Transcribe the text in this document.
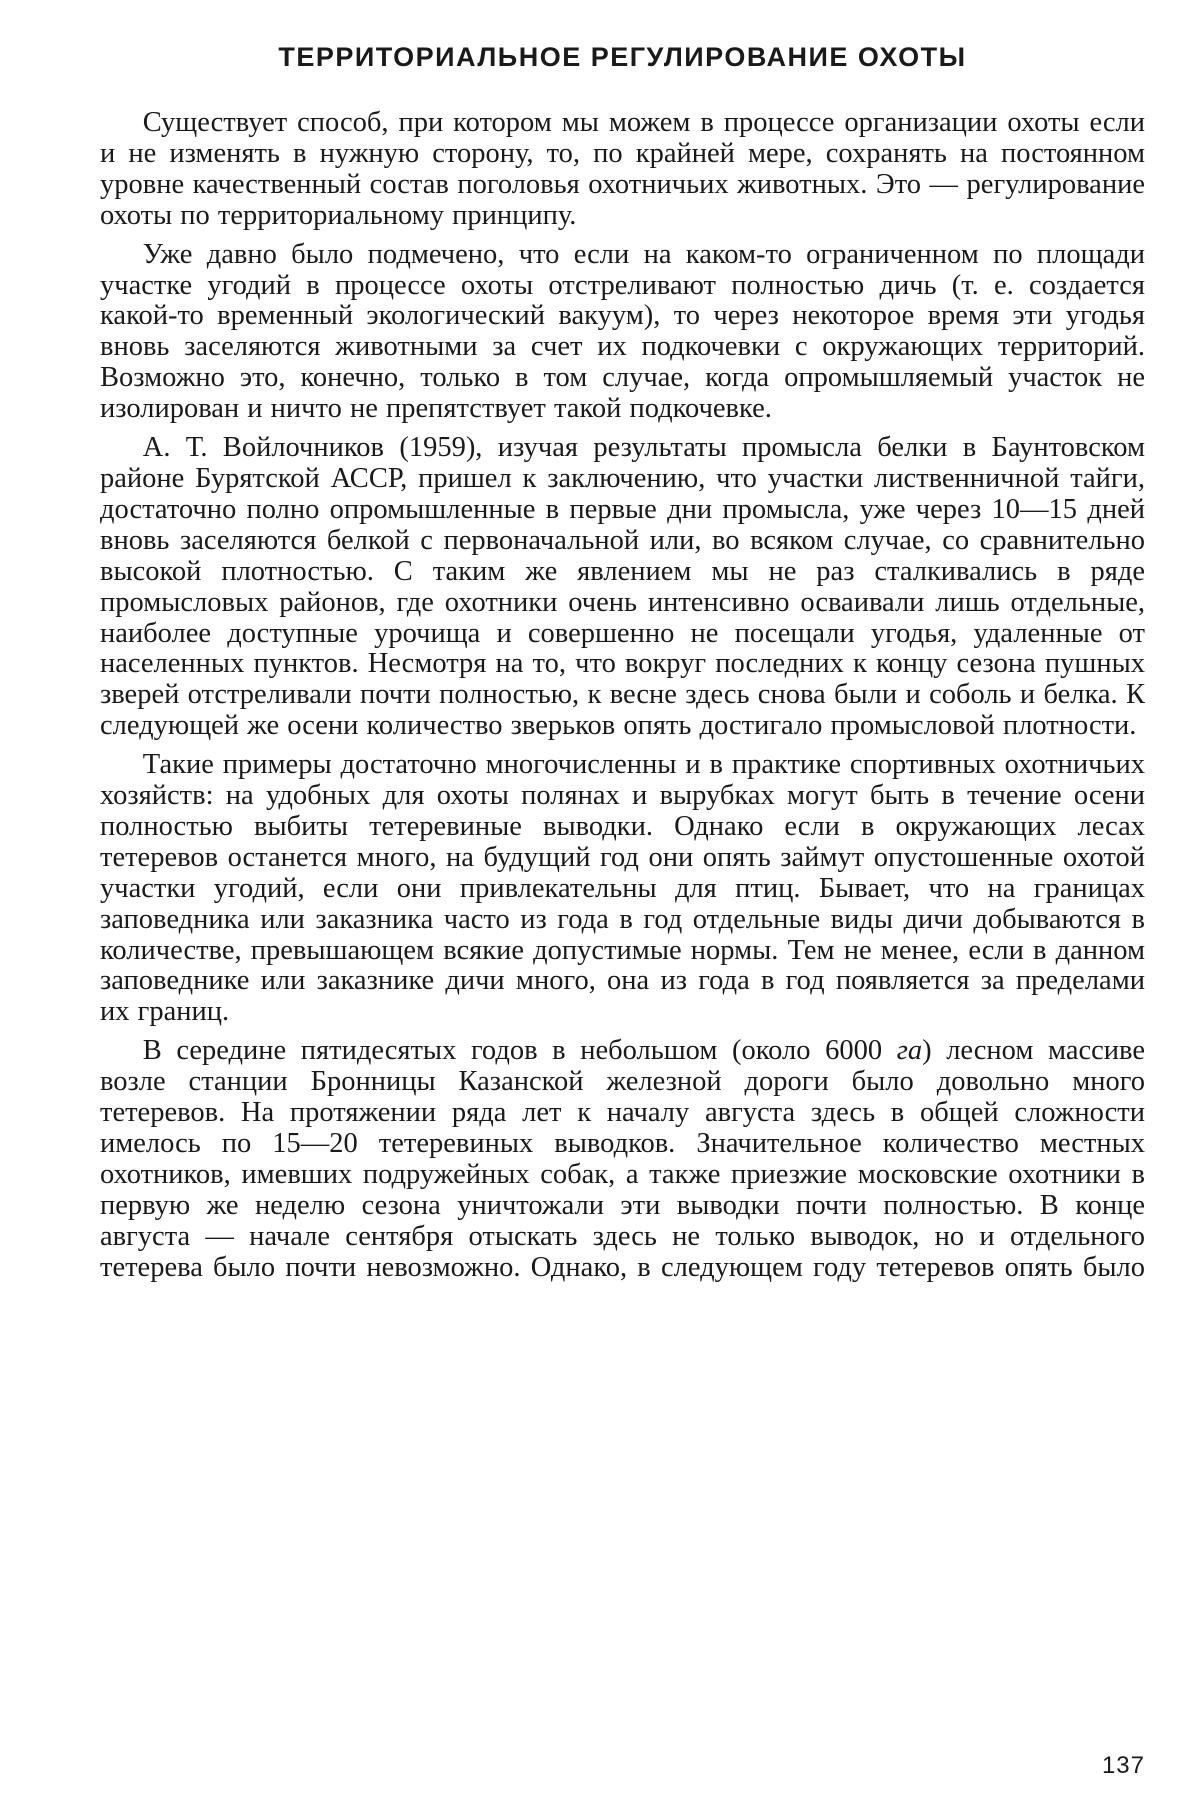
ТЕРРИТОРИАЛЬНОЕ РЕГУЛИРОВАНИЕ ОХОТЫ

Существует способ, при котором мы можем в процессе организации охоты если и не изменять в нужную сторону, то, по крайней мере, сохранять на постоянном уровне качественный состав поголовья охотничьих животных. Это — регулирование охоты по территориальному принципу.

Уже давно было подмечено, что если на каком-то ограниченном по площади участке угодий в процессе охоты отстреливают полностью дичь (т. е. создается какой-то временный экологический вакуум), то через некоторое время эти угодья вновь заселяются животными за счет их подкочевки с окружающих территорий. Возможно это, конечно, только в том случае, когда опромышляемый участок не изолирован и ничто не препятствует такой подкочевке.

А. Т. Войлочников (1959), изучая результаты промысла белки в Баунтовском районе Бурятской АССР, пришел к заключению, что участки лиственничной тайги, достаточно полно опромышленные в первые дни промысла, уже через 10—15 дней вновь заселяются белкой с первоначальной или, во всяком случае, со сравнительно высокой плотностью. С таким же явлением мы не раз сталкивались в ряде промысловых районов, где охотники очень интенсивно осваивали лишь отдельные, наиболее доступные урочища и совершенно не посещали угодья, удаленные от населенных пунктов. Несмотря на то, что вокруг последних к концу сезона пушных зверей отстреливали почти полностью, к весне здесь снова были и соболь и белка. К следующей же осени количество зверьков опять достигало промысловой плотности.

Такие примеры достаточно многочисленны и в практике спортивных охотничьих хозяйств: на удобных для охоты полянах и вырубках могут быть в течение осени полностью выбиты тетеревиные выводки. Однако если в окружающих лесах тетеревов останется много, на будущий год они опять займут опустошенные охотой участки угодий, если они привлекательны для птиц. Бывает, что на границах заповедника или заказника часто из года в год отдельные виды дичи добываются в количестве, превышающем всякие допустимые нормы. Тем не менее, если в данном заповеднике или заказнике дичи много, она из года в год появляется за пределами их границ.

В середине пятидесятых годов в небольшом (около 6000 га) лесном массиве возле станции Бронницы Казанской железной дороги было довольно много тетеревов. На протяжении ряда лет к началу августа здесь в общей сложности имелось по 15—20 тетеревиных выводков. Значительное количество местных охотников, имевших подружейных собак, а также приезжие московские охотники в первую же неделю сезона уничтожали эти выводки почти полностью. В конце августа — начале сентября отыскать здесь не только выводок, но и отдельного тетерева было почти невозможно. Однако, в следующем году тетеревов опять было

137
